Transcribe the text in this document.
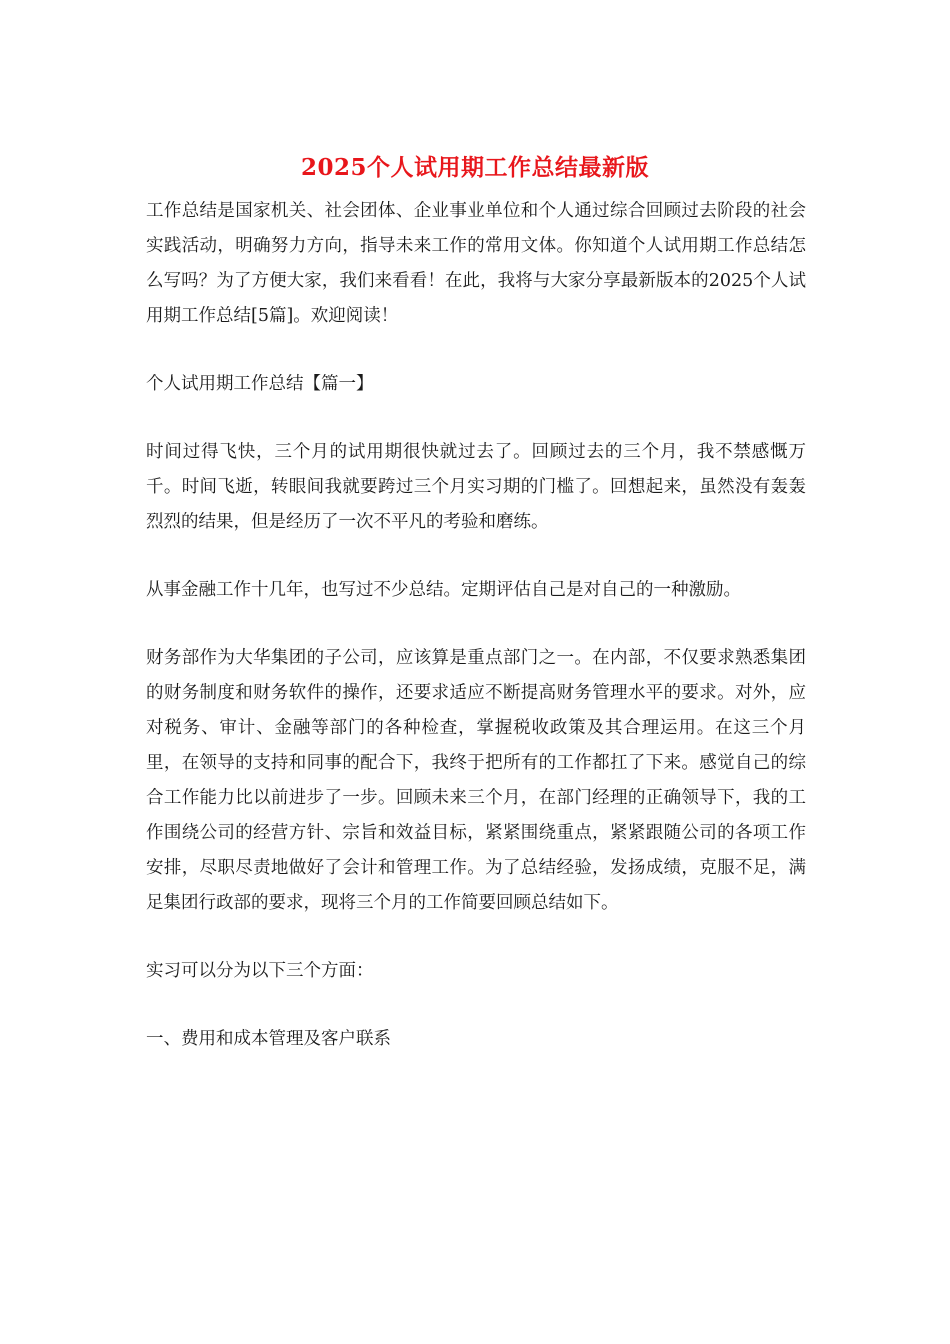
2025个人试用期工作总结最新版

工作总结是国家机关、社会团体、企业事业单位和个人通过综合回顾过去阶段的社会实践活动，明确努力方向，指导未来工作的常用文体。你知道个人试用期工作总结怎么写吗？为了方便大家，我们来看看！在此，我将与大家分享最新版本的2025个人试用期工作总结[5篇]。欢迎阅读！

个人试用期工作总结【篇一】

时间过得飞快，三个月的试用期很快就过去了。回顾过去的三个月，我不禁感慨万千。时间飞逝，转眼间我就要跨过三个月实习期的门槛了。回想起来，虽然没有轰轰烈烈的结果，但是经历了一次不平凡的考验和磨练。

从事金融工作十几年，也写过不少总结。定期评估自己是对自己的一种激励。

财务部作为大华集团的子公司，应该算是重点部门之一。在内部，不仅要求熟悉集团的财务制度和财务软件的操作，还要求适应不断提高财务管理水平的要求。对外，应对税务、审计、金融等部门的各种检查，掌握税收政策及其合理运用。在这三个月里，在领导的支持和同事的配合下，我终于把所有的工作都扛了下来。感觉自己的综合工作能力比以前进步了一步。回顾未来三个月，在部门经理的正确领导下，我的工作围绕公司的经营方针、宗旨和效益目标，紧紧围绕重点，紧紧跟随公司的各项工作安排，尽职尽责地做好了会计和管理工作。为了总结经验，发扬成绩，克服不足，满足集团行政部的要求，现将三个月的工作简要回顾总结如下。

实习可以分为以下三个方面：

一、费用和成本管理及客户联系
